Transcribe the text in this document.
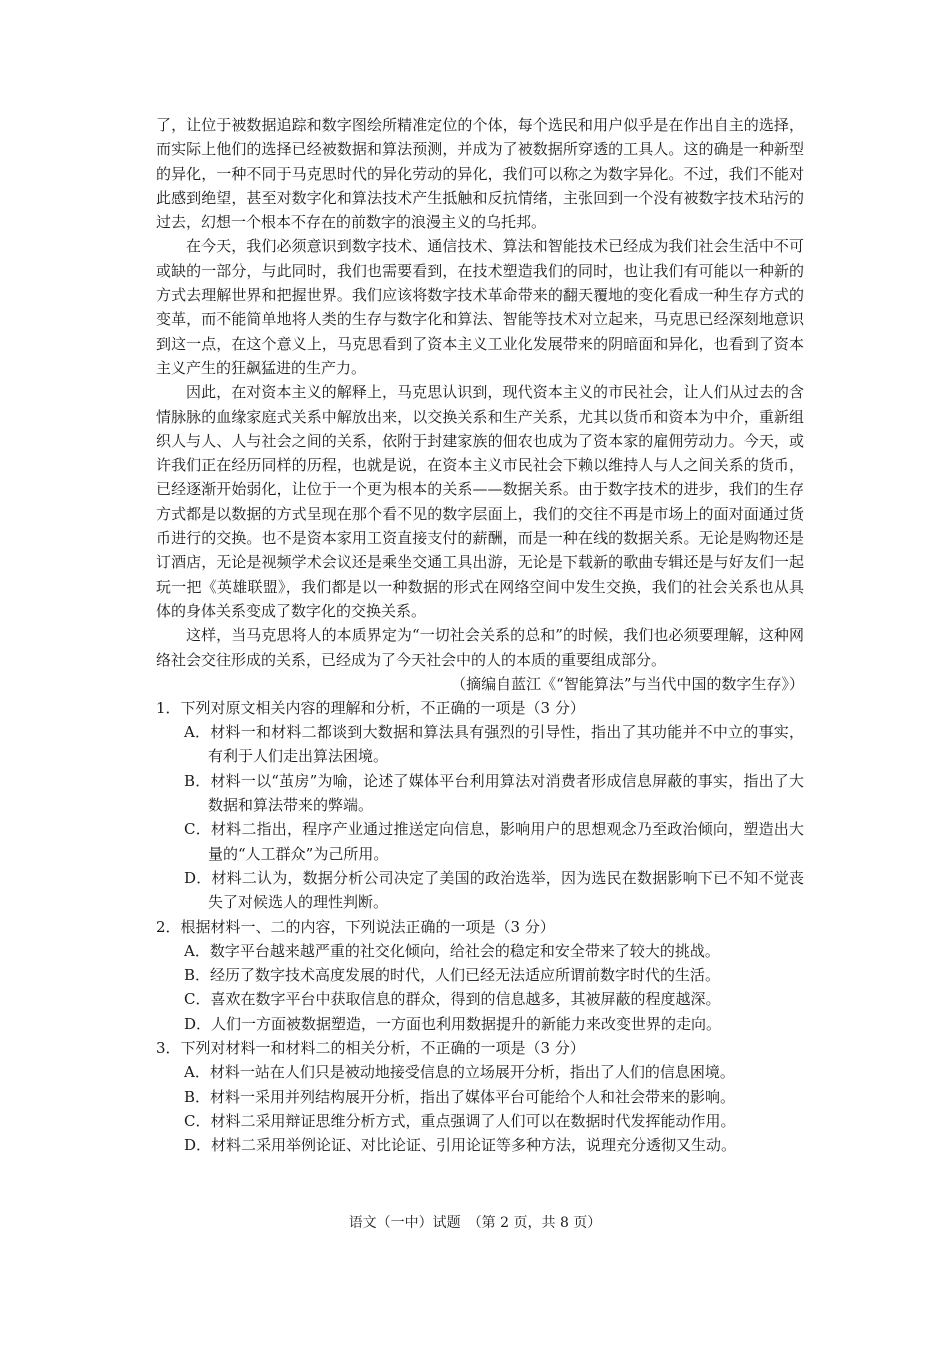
了，让位于被数据追踪和数字图绘所精准定位的个体，每个选民和用户似乎是在作出自主的选择，而实际上他们的选择已经被数据和算法预测，并成为了被数据所穿透的工具人。这的确是一种新型的异化，一种不同于马克思时代的异化劳动的异化，我们可以称之为数字异化。不过，我们不能对此感到绝望，甚至对数字化和算法技术产生抵触和反抗情绪，主张回到一个没有被数字技术玷污的过去，幻想一个根本不存在的前数字的浪漫主义的乌托邦。

在今天，我们必须意识到数字技术、通信技术、算法和智能技术已经成为我们社会生活中不可或缺的一部分，与此同时，我们也需要看到，在技术塑造我们的同时，也让我们有可能以一种新的方式去理解世界和把握世界。我们应该将数字技术革命带来的翻天覆地的变化看成一种生存方式的变革，而不能简单地将人类的生存与数字化和算法、智能等技术对立起来，马克思已经深刻地意识到这一点，在这个意义上，马克思看到了资本主义工业化发展带来的阴暗面和异化，也看到了资本主义产生的狂飙猛进的生产力。

因此，在对资本主义的解释上，马克思认识到，现代资本主义的市民社会，让人们从过去的含情脉脉的血缘家庭式关系中解放出来，以交换关系和生产关系，尤其以货币和资本为中介，重新组织人与人、人与社会之间的关系，依附于封建家族的佃农也成为了资本家的雇佣劳动力。今天，或许我们正在经历同样的历程，也就是说，在资本主义市民社会下赖以维持人与人之间关系的货币，已经逐渐开始弱化，让位于一个更为根本的关系——数据关系。由于数字技术的进步，我们的生存方式都是以数据的方式呈现在那个看不见的数字层面上，我们的交往不再是市场上的面对面通过货币进行的交换。也不是资本家用工资直接支付的薪酬，而是一种在线的数据关系。无论是购物还是订酒店，无论是视频学术会议还是乘坐交通工具出游，无论是下载新的歌曲专辑还是与好友们一起玩一把《英雄联盟》，我们都是以一种数据的形式在网络空间中发生交换，我们的社会关系也从具体的身体关系变成了数字化的交换关系。

这样，当马克思将人的本质界定为“一切社会关系的总和”的时候，我们也必须要理解，这种网络社会交往形成的关系，已经成为了今天社会中的人的本质的重要组成部分。

（摘编自蓝江《“智能算法”与当代中国的数字生存》）

1．下列对原文相关内容的理解和分析，不正确的一项是（3 分）

A．材料一和材料二都谈到大数据和算法具有强烈的引导性，指出了其功能并不中立的事实，有利于人们走出算法困境。

B．材料一以“茧房”为喻，论述了媒体平台利用算法对消费者形成信息屏蔽的事实，指出了大数据和算法带来的弊端。

C．材料二指出，程序产业通过推送定向信息，影响用户的思想观念乃至政治倾向，塑造出大量的“人工群众”为己所用。

D．材料二认为，数据分析公司决定了美国的政治选举，因为选民在数据影响下已不知不觉丧失了对候选人的理性判断。

2．根据材料一、二的内容，下列说法正确的一项是（3 分）

A．数字平台越来越严重的社交化倾向，给社会的稳定和安全带来了较大的挑战。

B．经历了数字技术高度发展的时代，人们已经无法适应所谓前数字时代的生活。

C．喜欢在数字平台中获取信息的群众，得到的信息越多，其被屏蔽的程度越深。

D．人们一方面被数据塑造，一方面也利用数据提升的新能力来改变世界的走向。

3．下列对材料一和材料二的相关分析，不正确的一项是（3 分）

A．材料一站在人们只是被动地接受信息的立场展开分析，指出了人们的信息困境。

B．材料一采用并列结构展开分析，指出了媒体平台可能给个人和社会带来的影响。

C．材料二采用辩证思维分析方式，重点强调了人们可以在数据时代发挥能动作用。

D．材料二采用举例论证、对比论证、引用论证等多种方法，说理充分透彻又生动。

语文（一中）试题　（第 2 页，共 8 页）
